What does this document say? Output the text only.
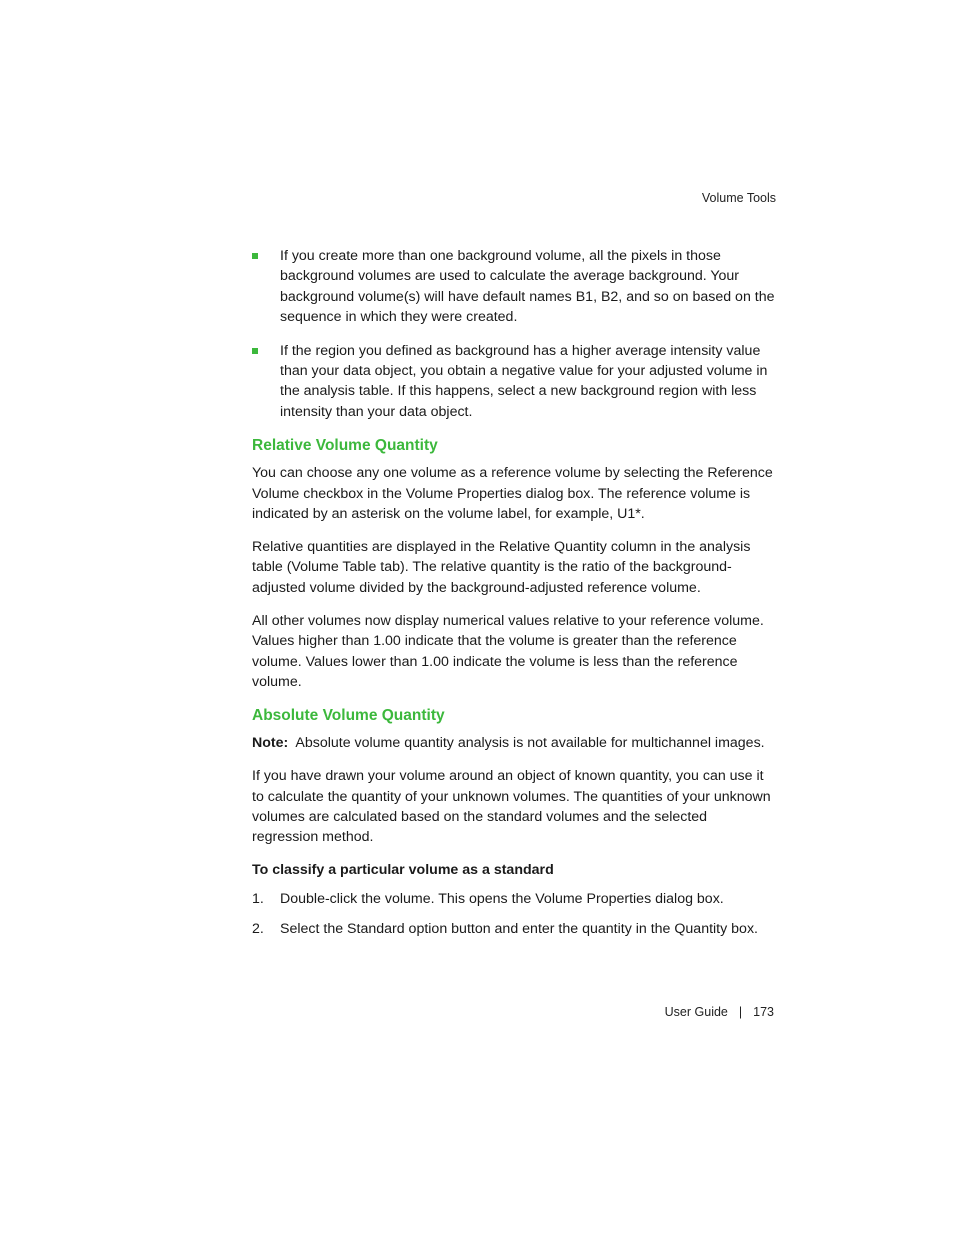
Volume Tools
If you create more than one background volume, all the pixels in those background volumes are used to calculate the average background. Your background volume(s) will have default names B1, B2, and so on based on the sequence in which they were created.
If the region you defined as background has a higher average intensity value than your data object, you obtain a negative value for your adjusted volume in the analysis table. If this happens, select a new background region with less intensity than your data object.
Relative Volume Quantity

You can choose any one volume as a reference volume by selecting the Reference Volume checkbox in the Volume Properties dialog box. The reference volume is indicated by an asterisk on the volume label, for example, U1*.

Relative quantities are displayed in the Relative Quantity column in the analysis table (Volume Table tab). The relative quantity is the ratio of the background-adjusted volume divided by the background-adjusted reference volume.

All other volumes now display numerical values relative to your reference volume. Values higher than 1.00 indicate that the volume is greater than the reference volume. Values lower than 1.00 indicate the volume is less than the reference volume.

Absolute Volume Quantity

Note: Absolute volume quantity analysis is not available for multichannel images.

If you have drawn your volume around an object of known quantity, you can use it to calculate the quantity of your unknown volumes. The quantities of your unknown volumes are calculated based on the standard volumes and the selected regression method.

To classify a particular volume as a standard
1. Double-click the volume. This opens the Volume Properties dialog box.
2. Select the Standard option button and enter the quantity in the Quantity box.
User Guide | 173
